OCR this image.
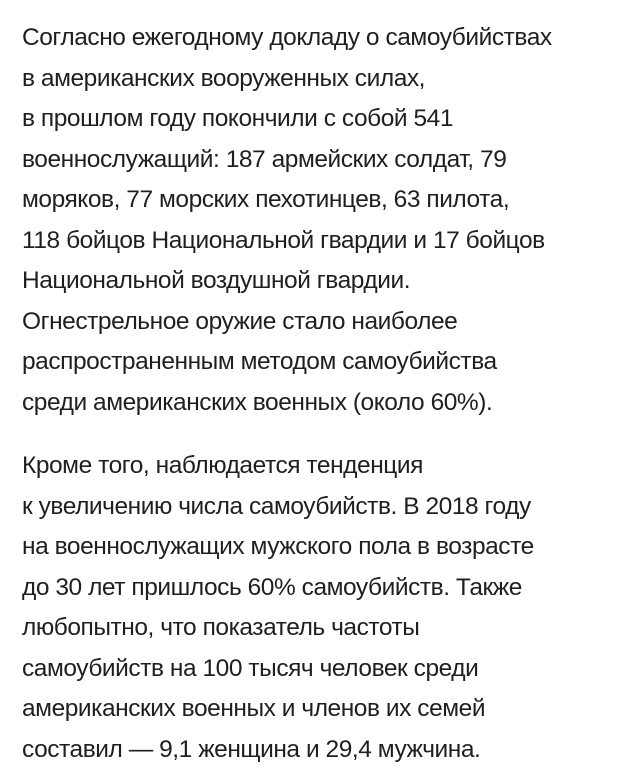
Согласно ежегодному докладу о самоубийствах
в американских вооруженных силах,
в прошлом году покончили с собой 541
военнослужащий: 187 армейских солдат, 79
моряков, 77 морских пехотинцев, 63 пилота,
118 бойцов Национальной гвардии и 17 бойцов
Национальной воздушной гвардии.
Огнестрельное оружие стало наиболее
распространенным методом самоубийства
среди американских военных (около 60%).

Кроме того, наблюдается тенденция
к увеличению числа самоубийств. В 2018 году
на военнослужащих мужского пола в возрасте
до 30 лет пришлось 60% самоубийств. Также
любопытно, что показатель частоты
самоубийств на 100 тысяч человек среди
американских военных и членов их семей
составил — 9,1 женщина и 29,4 мужчина.
